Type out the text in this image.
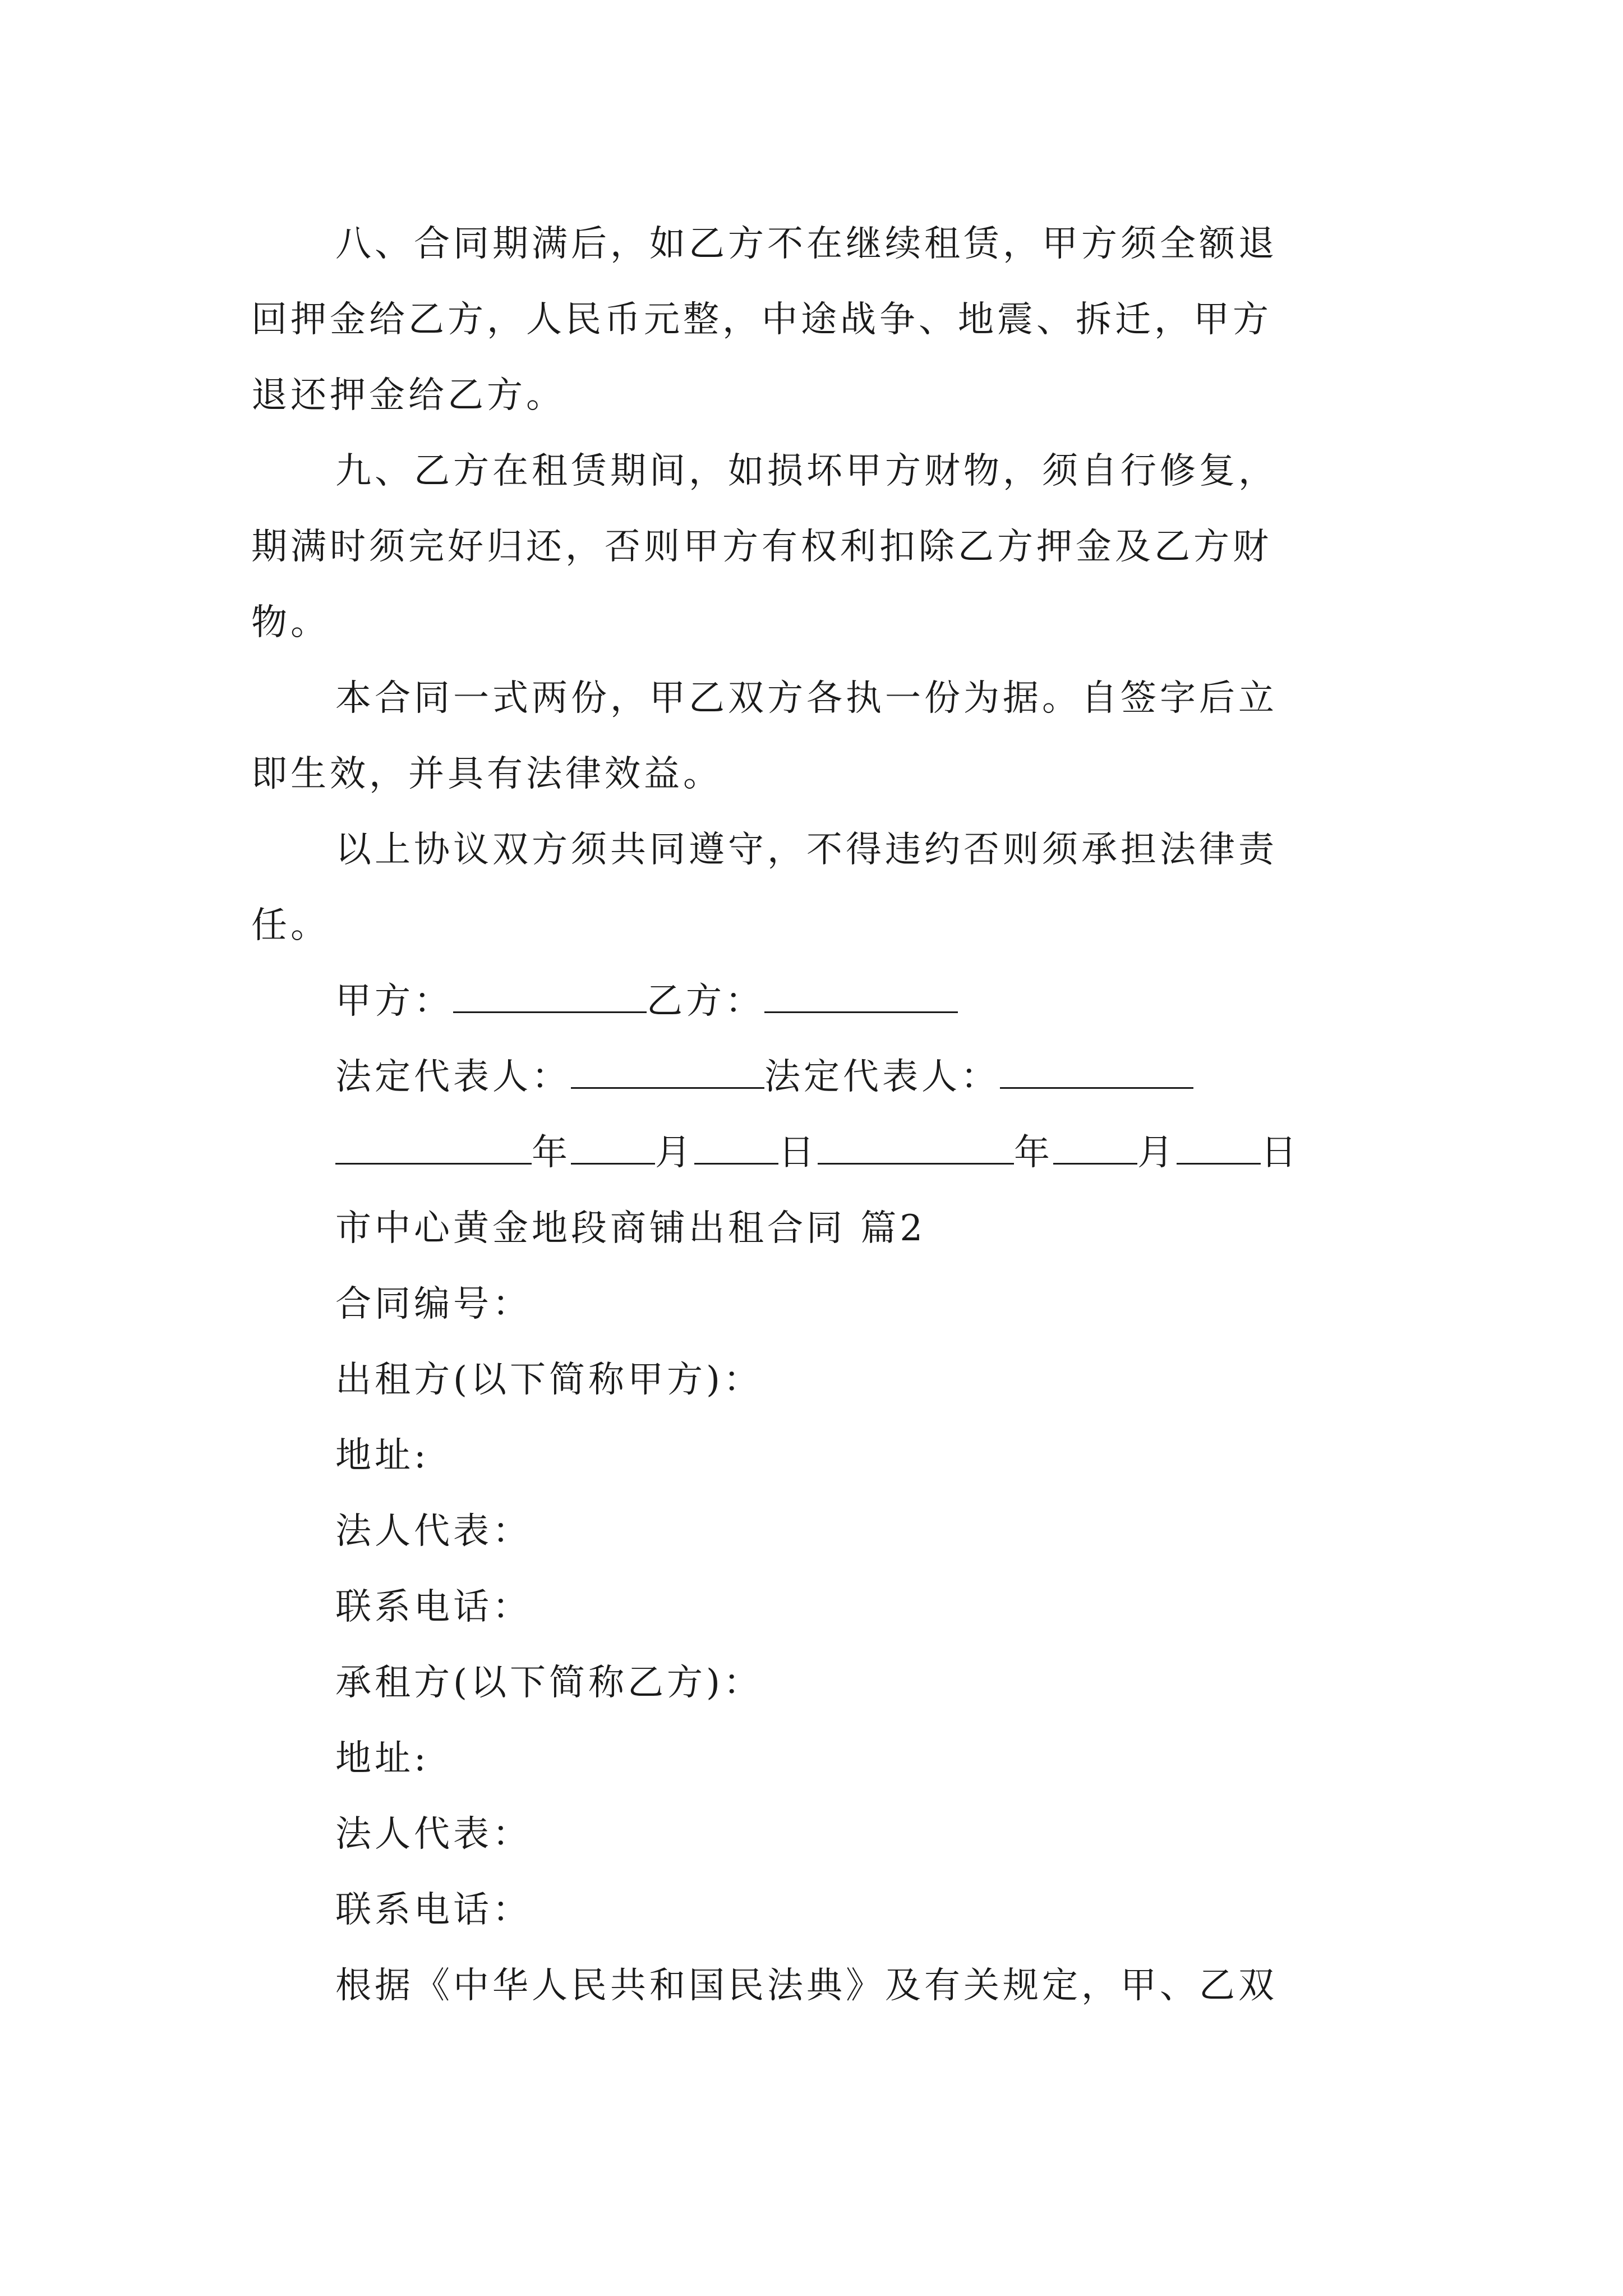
八、合同期满后，如乙方不在继续租赁，甲方须全额退
回押金给乙方，人民币元整，中途战争、地震、拆迁，甲方
退还押金给乙方。
九、乙方在租赁期间，如损坏甲方财物，须自行修复，
期满时须完好归还，否则甲方有权利扣除乙方押金及乙方财
物。
本合同一式两份，甲乙双方各执一份为据。自签字后立
即生效，并具有法律效益。
以上协议双方须共同遵守，不得违约否则须承担法律责
任。
甲方：	乙方：
法定代表人：	法定代表人：
年 月 日	年 月 日
市中心黄金地段商铺出租合同 篇2
合同编号：
出租方(以下简称甲方)：
地址:
法人代表：
联系电话：
承租方(以下简称乙方)：
地址:
法人代表：
联系电话：
根据《中华人民共和国民法典》及有关规定，甲、乙双
